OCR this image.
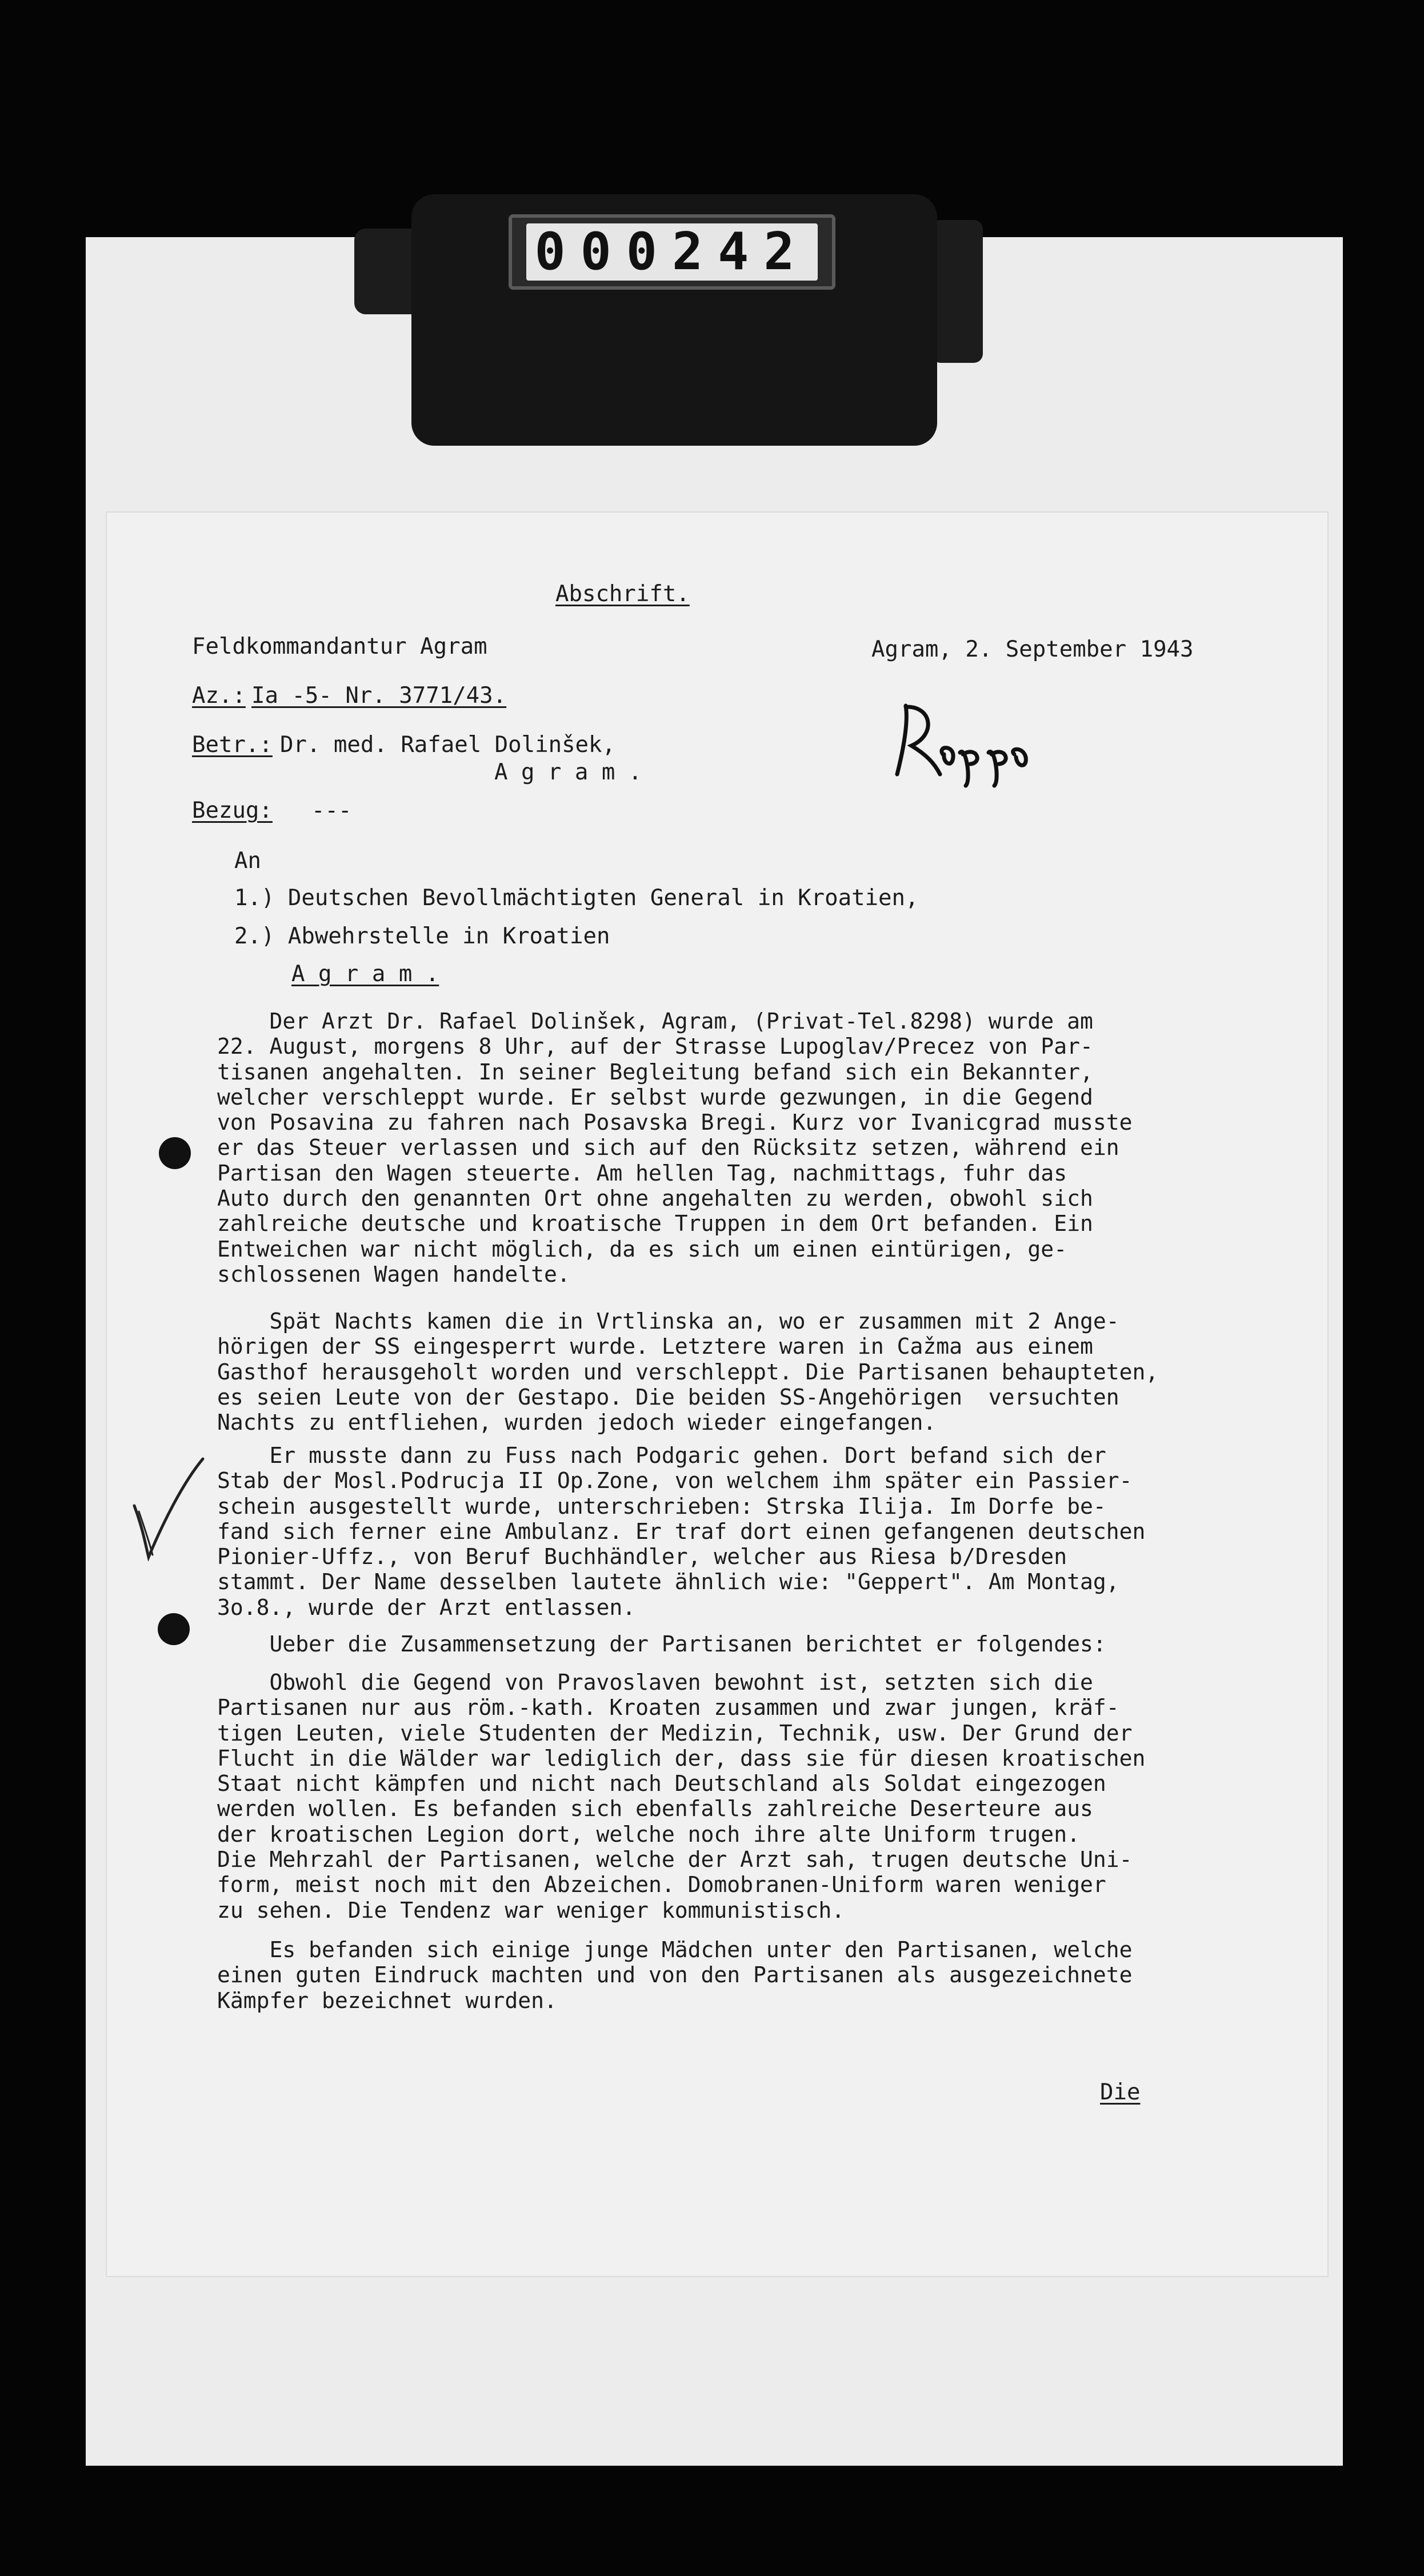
000242
Abschrift.
Feldkommandantur Agram	Agram, 2. September 1943
Az.: Ia -5- Nr. 3771/43.
Betr.: Dr. med. Rafael Dolinšek,
A g r a m .
Bezug: ---
An
1.) Deutschen Bevollmächtigten General in Kroatien,
2.) Abwehrstelle in Kroatien
A g r a m .
Der Arzt Dr. Rafael Dolinšek, Agram, (Privat-Tel.8298) wurde am
22. August, morgens 8 Uhr, auf der Strasse Lupoglav/Precez von Par-
tisanen angehalten. In seiner Begleitung befand sich ein Bekannter,
welcher verschleppt wurde. Er selbst wurde gezwungen, in die Gegend
von Posavina zu fahren nach Posavska Bregi. Kurz vor Ivanicgrad musste
er das Steuer verlassen und sich auf den Rücksitz setzen, während ein
Partisan den Wagen steuerte. Am hellen Tag, nachmittags, fuhr das
Auto durch den genannten Ort ohne angehalten zu werden, obwohl sich
zahlreiche deutsche und kroatische Truppen in dem Ort befanden. Ein
Entweichen war nicht möglich, da es sich um einen eintürigen, ge-
schlossenen Wagen handelte.
Spät Nachts kamen die in Vrtlinska an, wo er zusammen mit 2 Ange-
hörigen der SS eingesperrt wurde. Letztere waren in Cažma aus einem
Gasthof herausgeholt worden und verschleppt. Die Partisanen behaupteten,
es seien Leute von der Gestapo. Die beiden SS-Angehörigen  versuchten
Nachts zu entfliehen, wurden jedoch wieder eingefangen.
Er musste dann zu Fuss nach Podgaric gehen. Dort befand sich der
Stab der Mosl.Podrucja II Op.Zone, von welchem ihm später ein Passier-
schein ausgestellt wurde, unterschrieben: Strska Ilija. Im Dorfe be-
fand sich ferner eine Ambulanz. Er traf dort einen gefangenen deutschen
Pionier-Uffz., von Beruf Buchhändler, welcher aus Riesa b/Dresden
stammt. Der Name desselben lautete ähnlich wie: "Geppert". Am Montag,
3o.8., wurde der Arzt entlassen.
Ueber die Zusammensetzung der Partisanen berichtet er folgendes:
Obwohl die Gegend von Pravoslaven bewohnt ist, setzten sich die
Partisanen nur aus röm.-kath. Kroaten zusammen und zwar jungen, kräf-
tigen Leuten, viele Studenten der Medizin, Technik, usw. Der Grund der
Flucht in die Wälder war lediglich der, dass sie für diesen kroatischen
Staat nicht kämpfen und nicht nach Deutschland als Soldat eingezogen
werden wollen. Es befanden sich ebenfalls zahlreiche Deserteure aus
der kroatischen Legion dort, welche noch ihre alte Uniform trugen.
Die Mehrzahl der Partisanen, welche der Arzt sah, trugen deutsche Uni-
form, meist noch mit den Abzeichen. Domobranen-Uniform waren weniger
zu sehen. Die Tendenz war weniger kommunistisch.
Es befanden sich einige junge Mädchen unter den Partisanen, welche
einen guten Eindruck machten und von den Partisanen als ausgezeichnete
Kämpfer bezeichnet wurden.
Die
